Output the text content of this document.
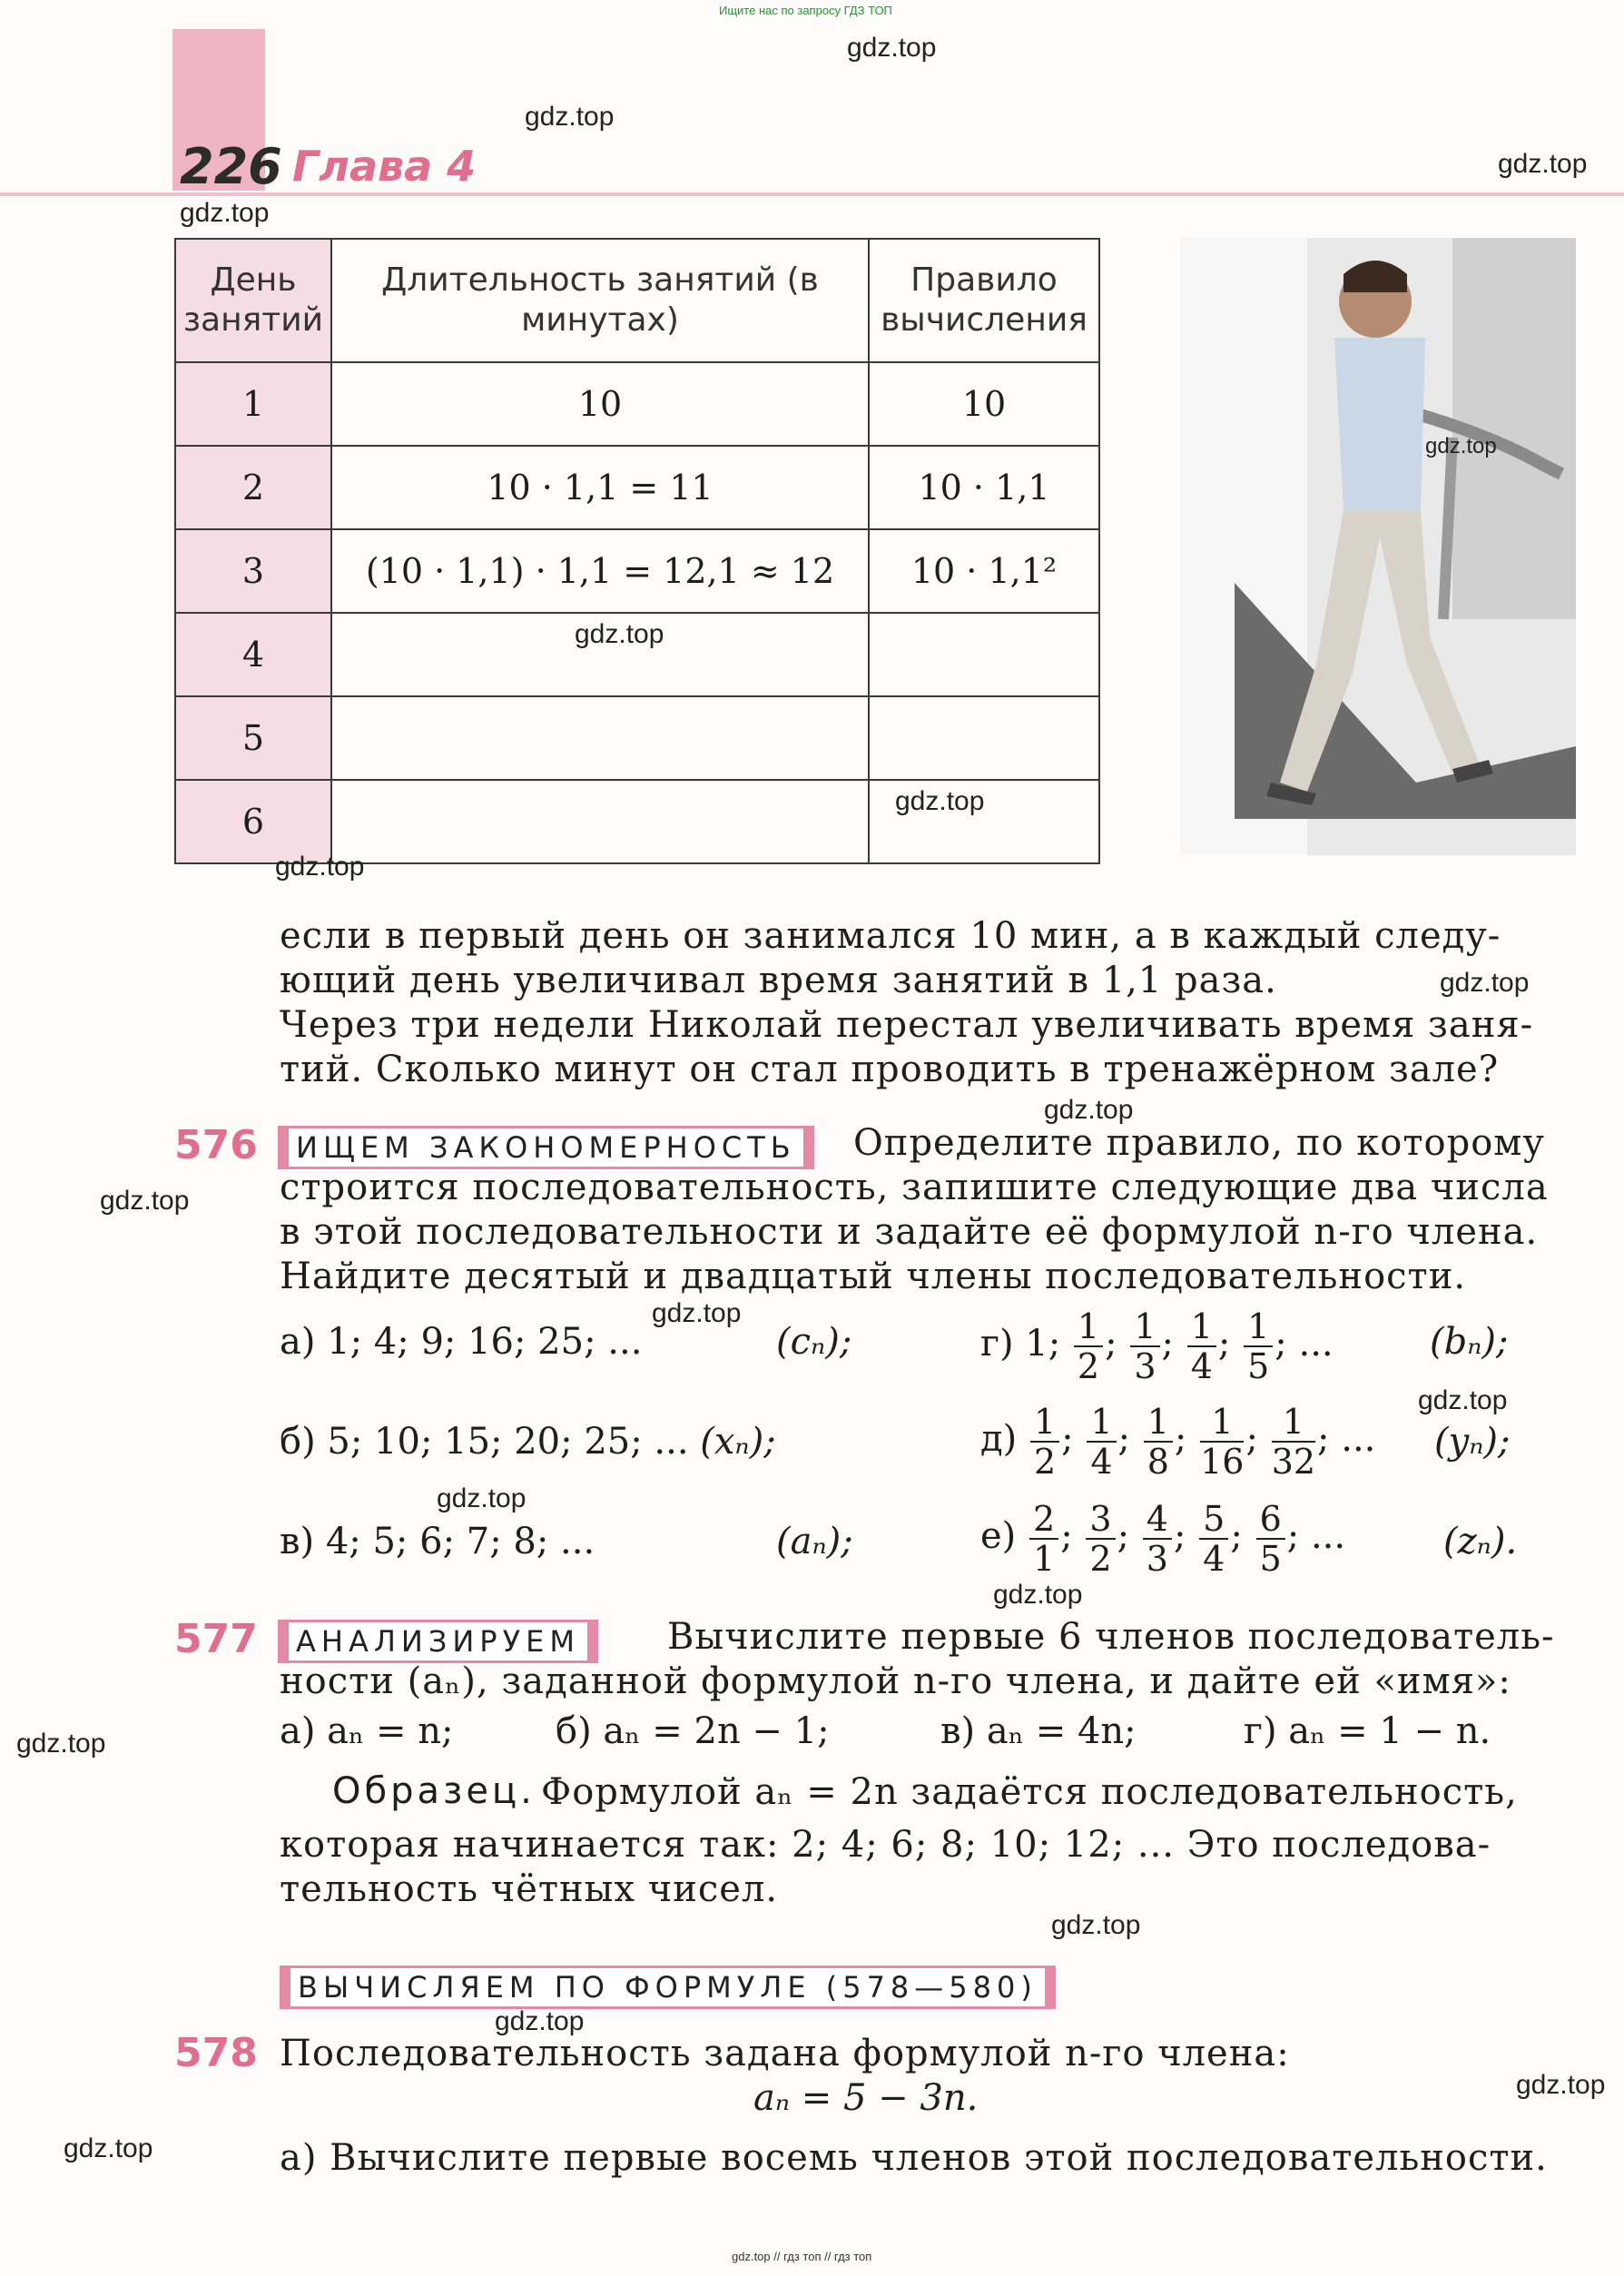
Ищите нас по запросу ГДЗ ТОП
226 Глава 4
День занятий	Длительность занятий (в минутах)	Правило вычисления
1	10	10
2	10 · 1,1 = 11	10 · 1,1
3	(10 · 1,1) · 1,1 = 12,1 ≈ 12	10 · 1,1²
4		
5		
6		
если в первый день он занимался 10 мин, а в каждый следу-
ющий день увеличивал время занятий в 1,1 раза.
Через три недели Николай перестал увеличивать время заня-
тий. Сколько минут он стал проводить в тренажёрном зале?
576	ИЩЕМ ЗАКОНОМЕРНОСТЬ	Определите правило, по которому
строится последовательность, запишите следующие два числа
в этой последовательности и задайте её формулой n-го члена.
Найдите десятый и двадцатый члены последовательности.
а) 1; 4; 9; 16; 25; ...	(cₙ);	г) 1; $\frac{1}{2}$ ; $\frac{1}{3}$ ; $\frac{1}{4}$ ; $\frac{1}{5}$ ; ...	(bₙ);
б) 5; 10; 15; 20; 25; ... (xₙ);	$д) \frac{1}{2}$ ; $\frac{1}{4}$ ; $\frac{1}{8}$ ; $\frac{1}{16}$ ; $\frac{1}{32}$ ; ... (yₙ);
в) 4; 5; 6; 7; 8; ...	(aₙ);	$е) \frac{2}{1}$ ; $\frac{3}{2}$ ; $\frac{4}{3}$ ; $\frac{5}{4}$ ; $\frac{6}{5}$ ; ...	(zₙ).
577	АНАЛИЗИРУЕМ	Вычислите первые 6 членов последователь-
ности (aₙ), заданной формулой n-го члена, и дайте ей «имя»:
а) aₙ = n;	б) aₙ = 2n − 1;	в) aₙ = 4n;	г) aₙ = 1 − n.
Образец. Формулой aₙ = 2n задаётся последовательность,
которая начинается так: 2; 4; 6; 8; 10; 12; ... Это последова-
тельность чётных чисел.
ВЫЧИСЛЯЕМ ПО ФОРМУЛЕ (578—580)
578 Последовательность задана формулой n-го члена:
aₙ = 5 − 3n.
а) Вычислите первые восемь членов этой последовательности.
gdz.top
gdz.top
gdz.top
gdz.top
gdz.top
gdz.top
gdz.top
gdz.top
gdz.top
gdz.top
gdz.top
gdz.top
gdz.top
gdz.top
gdz.top
gdz.top
gdz.top
gdz.top
gdz.top
gdz.top
gdz.top // гдз топ // гдз топ
